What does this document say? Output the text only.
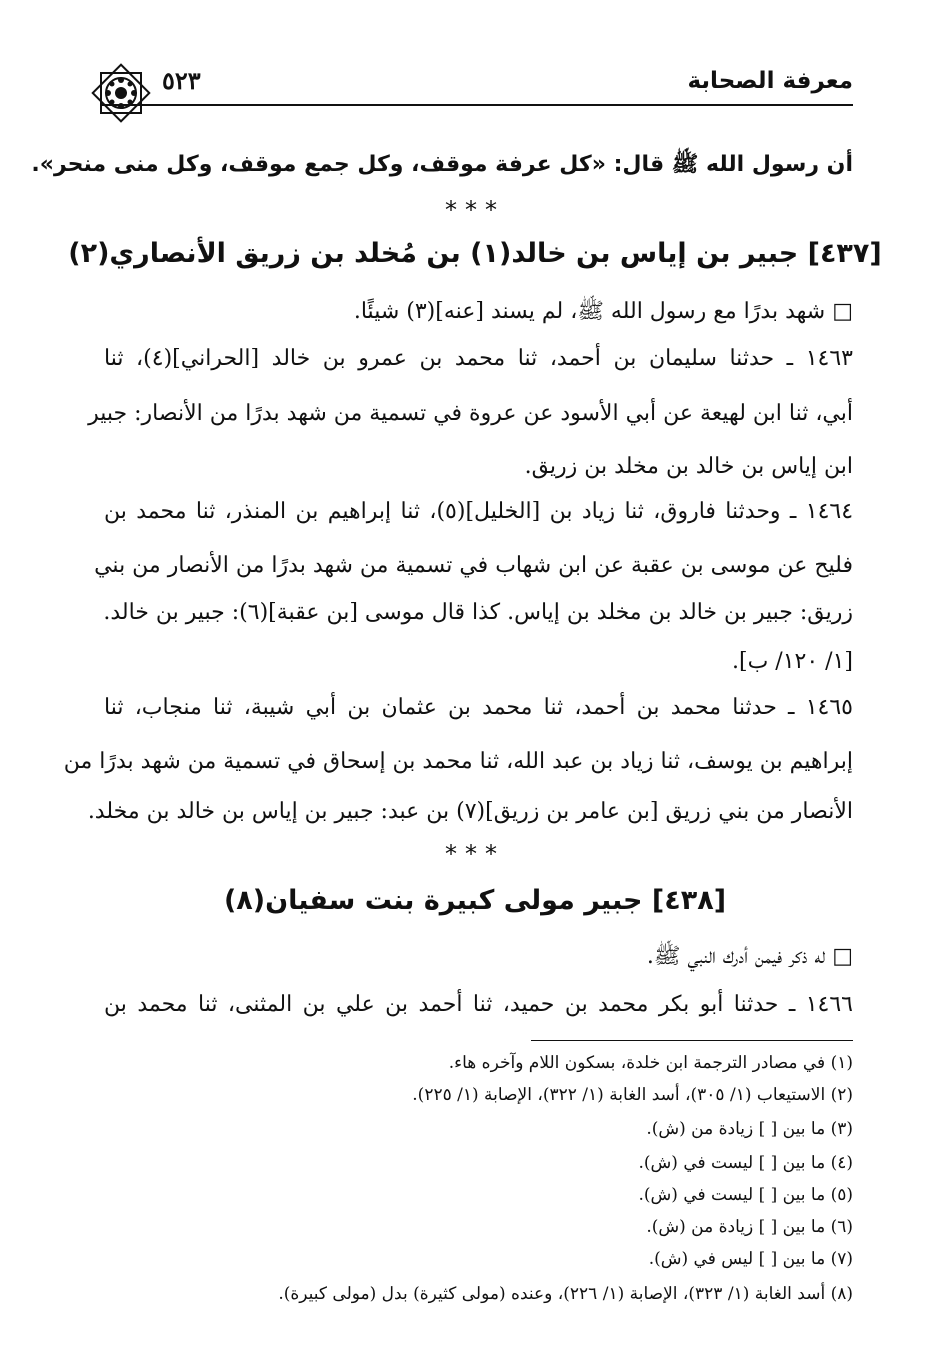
معرفة الصحابة
٥٢٣
أن رسول الله ﷺ قال: «كل عرفة موقف، وكل جمع موقف، وكل منى منحر».
***
[٤٣٧] جبير بن إياس بن خالد(١) بن مُخلد بن زريق الأنصاري(٢)
□ شهد بدرًا مع رسول الله ﷺ، لم يسند [عنه](٣) شيئًا.
١٤٦٣ ـ حدثنا سليمان بن أحمد، ثنا محمد بن عمرو بن خالد [الحراني](٤)، ثنا
أبي، ثنا ابن لهيعة عن أبي الأسود عن عروة في تسمية من شهد بدرًا من الأنصار: جبير
ابن إياس بن خالد بن مخلد بن زريق.
١٤٦٤ ـ وحدثنا فاروق، ثنا زياد بن [الخليل](٥)، ثنا إبراهيم بن المنذر، ثنا محمد بن
فليح عن موسى بن عقبة عن ابن شهاب في تسمية من شهد بدرًا من الأنصار من بني
زريق: جبير بن خالد بن مخلد بن إياس. كذا قال موسى [بن عقبة](٦): جبير بن خالد.
[١/ ١٢٠/ ب].
١٤٦٥ ـ حدثنا محمد بن أحمد، ثنا محمد بن عثمان بن أبي شيبة، ثنا منجاب، ثنا
إبراهيم بن يوسف، ثنا زياد بن عبد الله، ثنا محمد بن إسحاق في تسمية من شهد بدرًا من
الأنصار من بني زريق [بن عامر بن زريق](٧) بن عبد: جبير بن إياس بن خالد بن مخلد.
***
[٤٣٨] جبير مولى كبيرة بنت سفيان(٨)
□ له ذكر فيمن أدرك النبي ﷺ.
١٤٦٦ ـ حدثنا أبو بكر محمد بن حميد، ثنا أحمد بن علي بن المثنى، ثنا محمد بن
(١) في مصادر الترجمة ابن خلدة، بسكون اللام وآخره هاء.
(٢) الاستيعاب (١/ ٣٠٥)، أسد الغابة (١/ ٣٢٢)، الإصابة (١/ ٢٢٥).
(٣) ما بين [ ] زيادة من (ش).
(٤) ما بين [ ] ليست في (ش).
(٥) ما بين [ ] ليست في (ش).
(٦) ما بين [ ] زيادة من (ش).
(٧) ما بين [ ] ليس في (ش).
(٨) أسد الغابة (١/ ٣٢٣)، الإصابة (١/ ٢٢٦)، وعنده (مولى كثيرة) بدل (مولى كبيرة).
